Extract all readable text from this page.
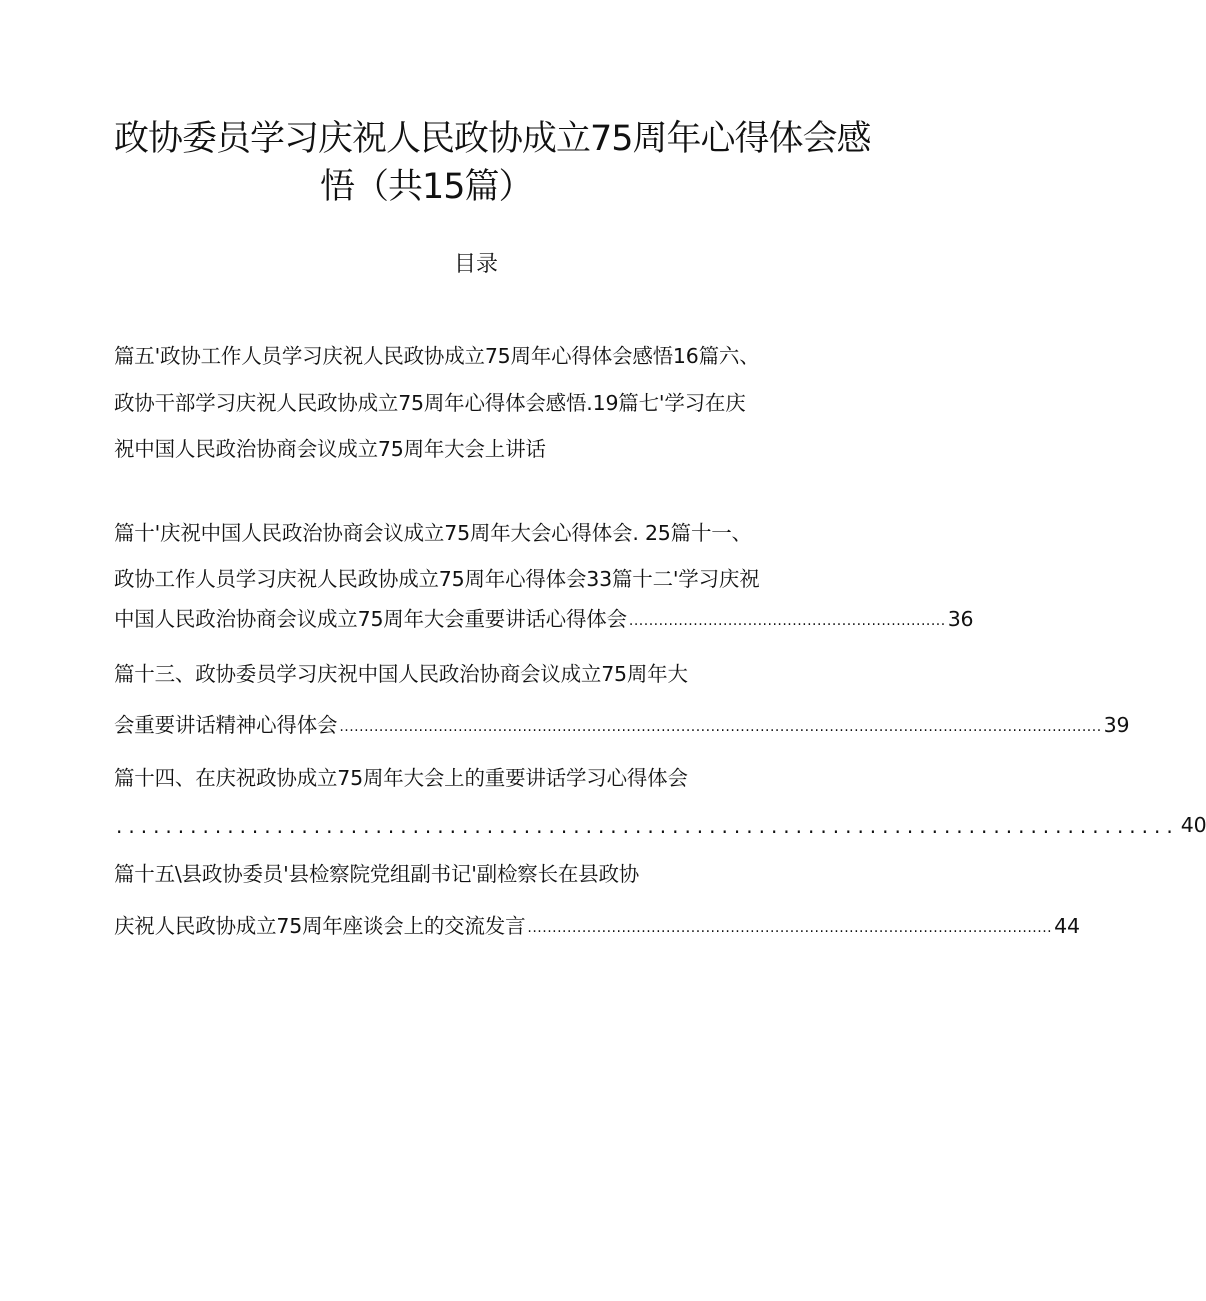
政协委员学习庆祝人民政协成立75周年心得体会感
悟（共15篇）
目录
篇五'政协工作人员学习庆祝人民政协成立75周年心得体会感悟16篇六、
政协干部学习庆祝人民政协成立75周年心得体会感悟.19篇七'学习在庆
祝中国人民政治协商会议成立75周年大会上讲话
篇十'庆祝中国人民政治协商会议成立75周年大会心得体会. 25篇十一、
政协工作人员学习庆祝人民政协成立75周年心得体会33篇十二'学习庆祝
中国人民政治协商会议成立75周年大会重要讲话心得体会 ................................................................ 36
篇十三、政协委员学习庆祝中国人民政治协商会议成立75周年大
会重要讲话精神心得体会 .......................................................................................................................................................... 39
篇十四、在庆祝政协成立75周年大会上的重要讲话学习心得体会
...................................................................................... 40
篇十五\县政协委员'县检察院党组副书记'副检察长在县政协
庆祝人民政协成立75周年座谈会上的交流发言 .......................................................................................................... 44
